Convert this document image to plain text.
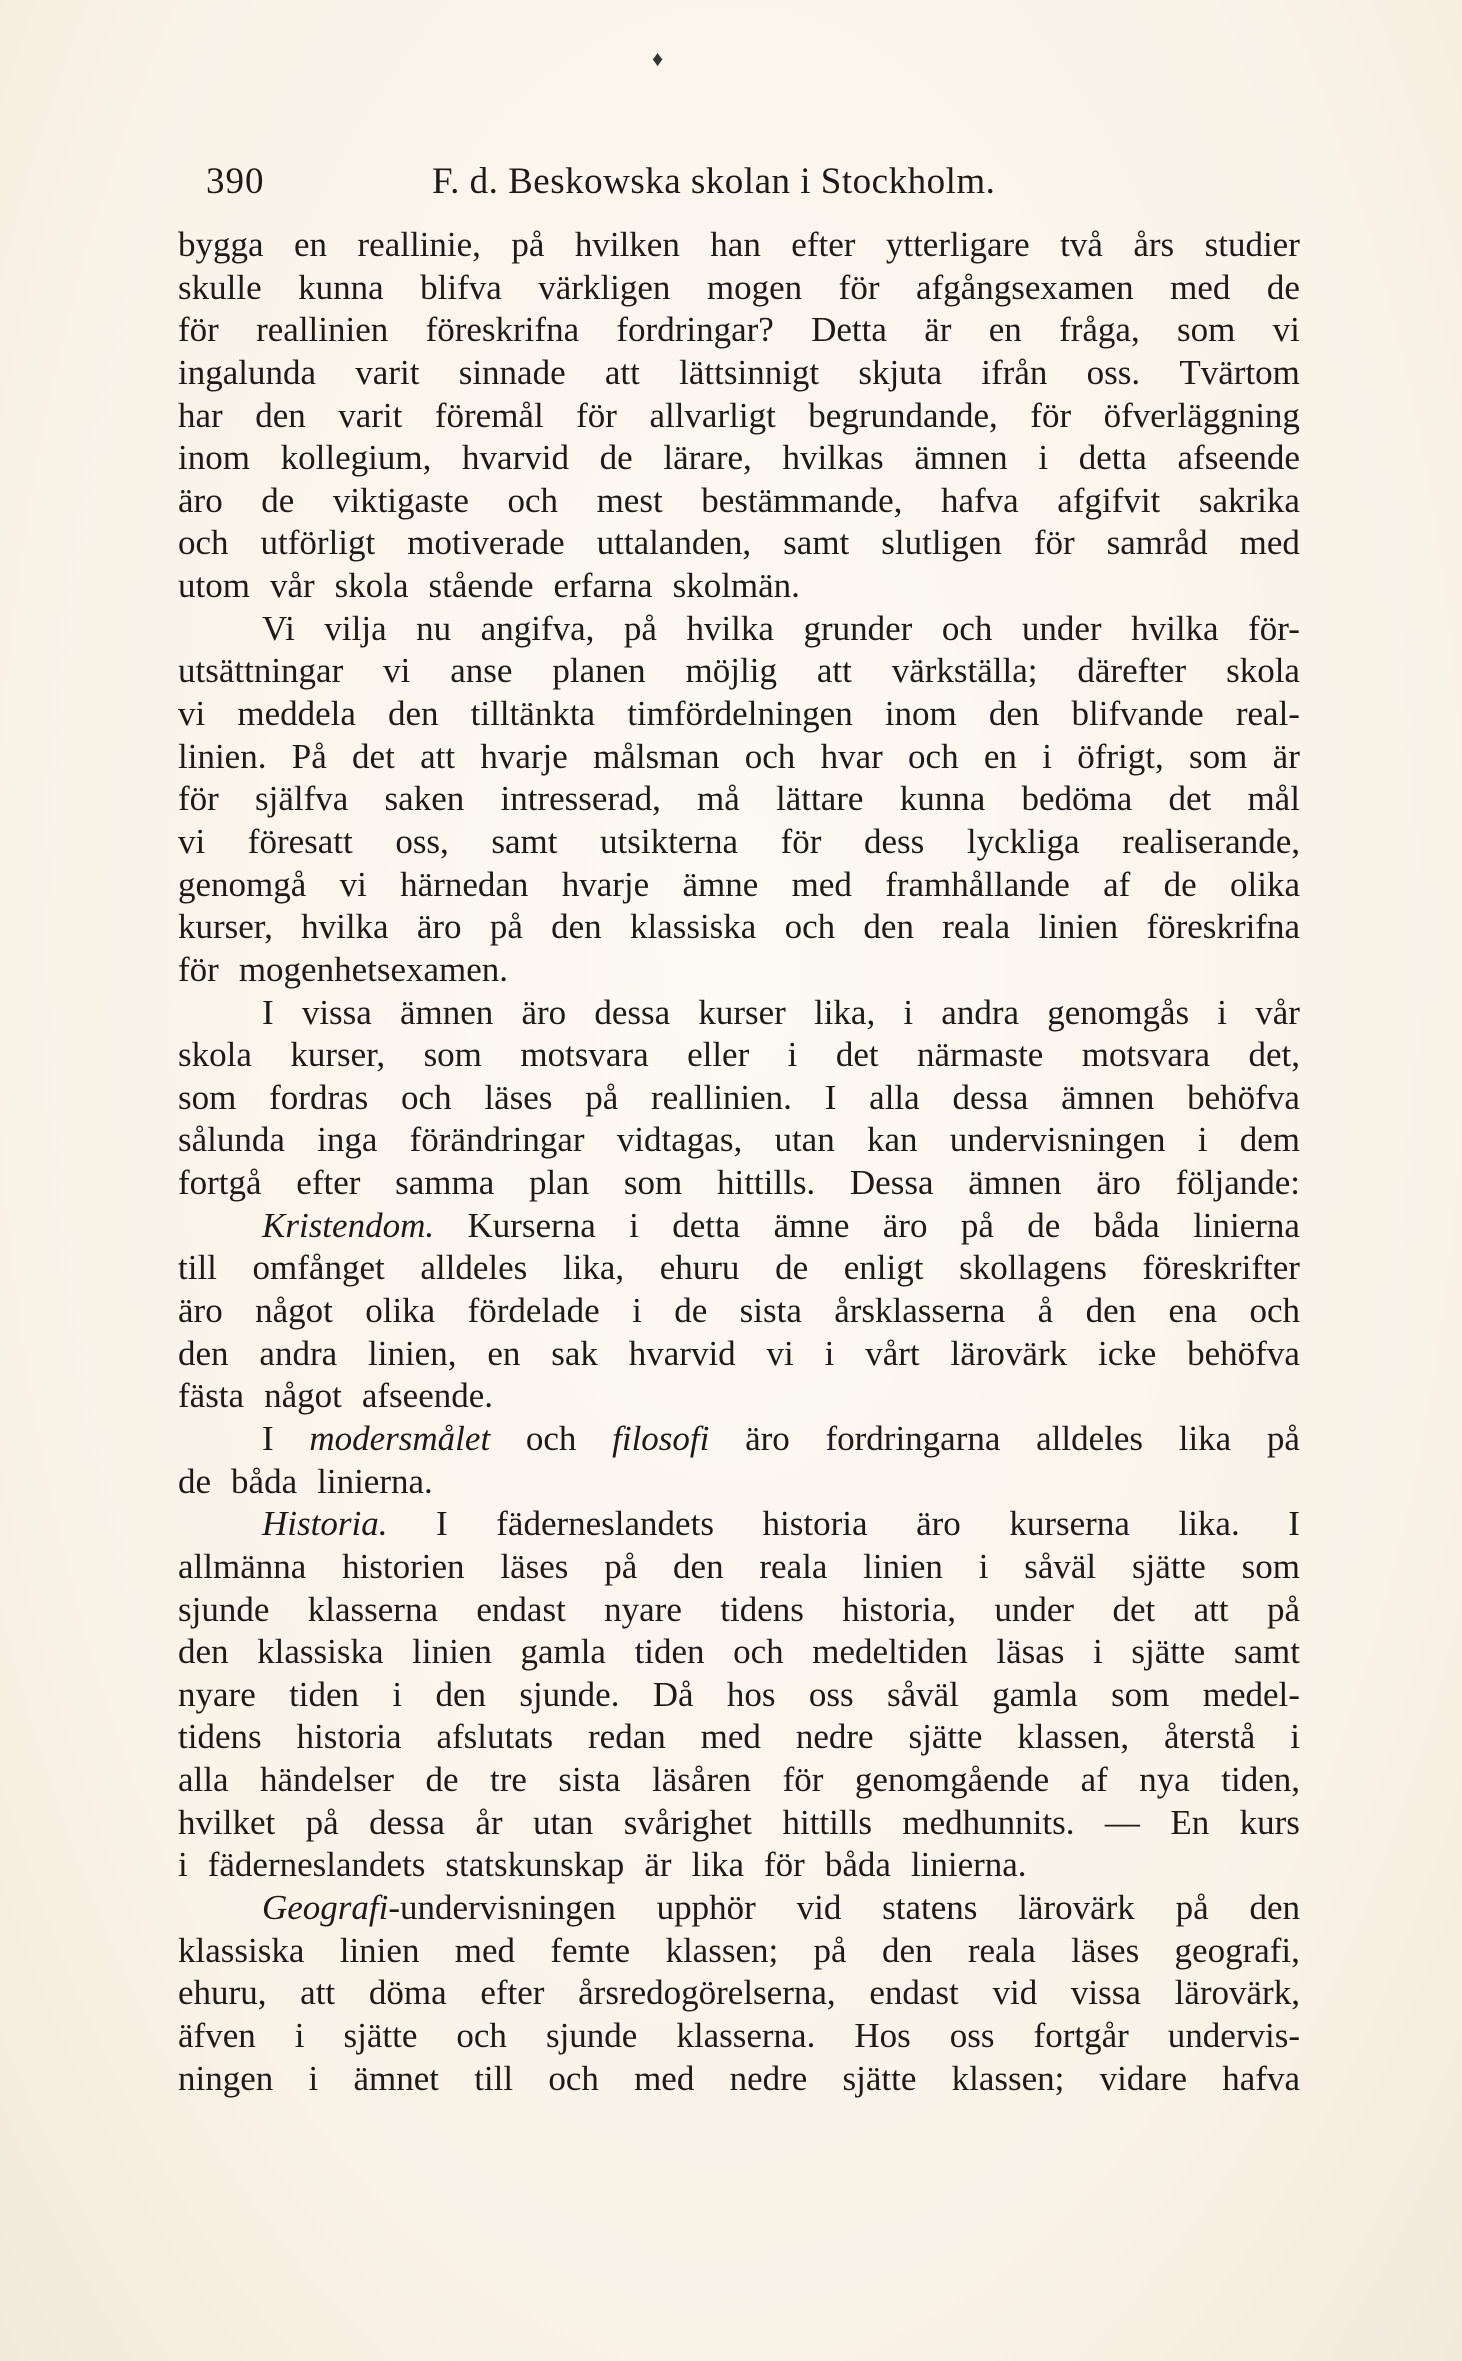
♦
390	F. d. Beskowska skolan i Stockholm.
bygga en reallinie, på hvilken han efter ytterligare två års studier
skulle kunna blifva värkligen mogen för afgångsexamen med de
för reallinien föreskrifna fordringar? Detta är en fråga, som vi
ingalunda varit sinnade att lättsinnigt skjuta ifrån oss. Tvärtom
har den varit föremål för allvarligt begrundande, för öfverläggning
inom kollegium, hvarvid de lärare, hvilkas ämnen i detta afseende
äro de viktigaste och mest bestämmande, hafva afgifvit sakrika
och utförligt motiverade uttalanden, samt slutligen för samråd med
utom vår skola stående erfarna skolmän.
Vi vilja nu angifva, på hvilka grunder och under hvilka för-
utsättningar vi anse planen möjlig att värkställa; därefter skola
vi meddela den tilltänkta timfördelningen inom den blifvande real-
linien. På det att hvarje målsman och hvar och en i öfrigt, som är
för själfva saken intresserad, må lättare kunna bedöma det mål
vi föresatt oss, samt utsikterna för dess lyckliga realiserande,
genomgå vi härnedan hvarje ämne med framhållande af de olika
kurser, hvilka äro på den klassiska och den reala linien föreskrifna
för mogenhetsexamen.
I vissa ämnen äro dessa kurser lika, i andra genomgås i vår
skola kurser, som motsvara eller i det närmaste motsvara det,
som fordras och läses på reallinien. I alla dessa ämnen behöfva
sålunda inga förändringar vidtagas, utan kan undervisningen i dem
fortgå efter samma plan som hittills. Dessa ämnen äro följande:
Kristendom. Kurserna i detta ämne äro på de båda linierna
till omfånget alldeles lika, ehuru de enligt skollagens föreskrifter
äro något olika fördelade i de sista årsklasserna å den ena och
den andra linien, en sak hvarvid vi i vårt lärovärk icke behöfva
fästa något afseende.
I modersmålet och filosofi äro fordringarna alldeles lika på
de båda linierna.
Historia. I fäderneslandets historia äro kurserna lika. I
allmänna historien läses på den reala linien i såväl sjätte som
sjunde klasserna endast nyare tidens historia, under det att på
den klassiska linien gamla tiden och medeltiden läsas i sjätte samt
nyare tiden i den sjunde. Då hos oss såväl gamla som medel-
tidens historia afslutats redan med nedre sjätte klassen, återstå i
alla händelser de tre sista läsåren för genomgående af nya tiden,
hvilket på dessa år utan svårighet hittills medhunnits. — En kurs
i fäderneslandets statskunskap är lika för båda linierna.
Geografi-undervisningen upphör vid statens lärovärk på den
klassiska linien med femte klassen; på den reala läses geografi,
ehuru, att döma efter årsredogörelserna, endast vid vissa lärovärk,
äfven i sjätte och sjunde klasserna. Hos oss fortgår undervis-
ningen i ämnet till och med nedre sjätte klassen; vidare hafva
